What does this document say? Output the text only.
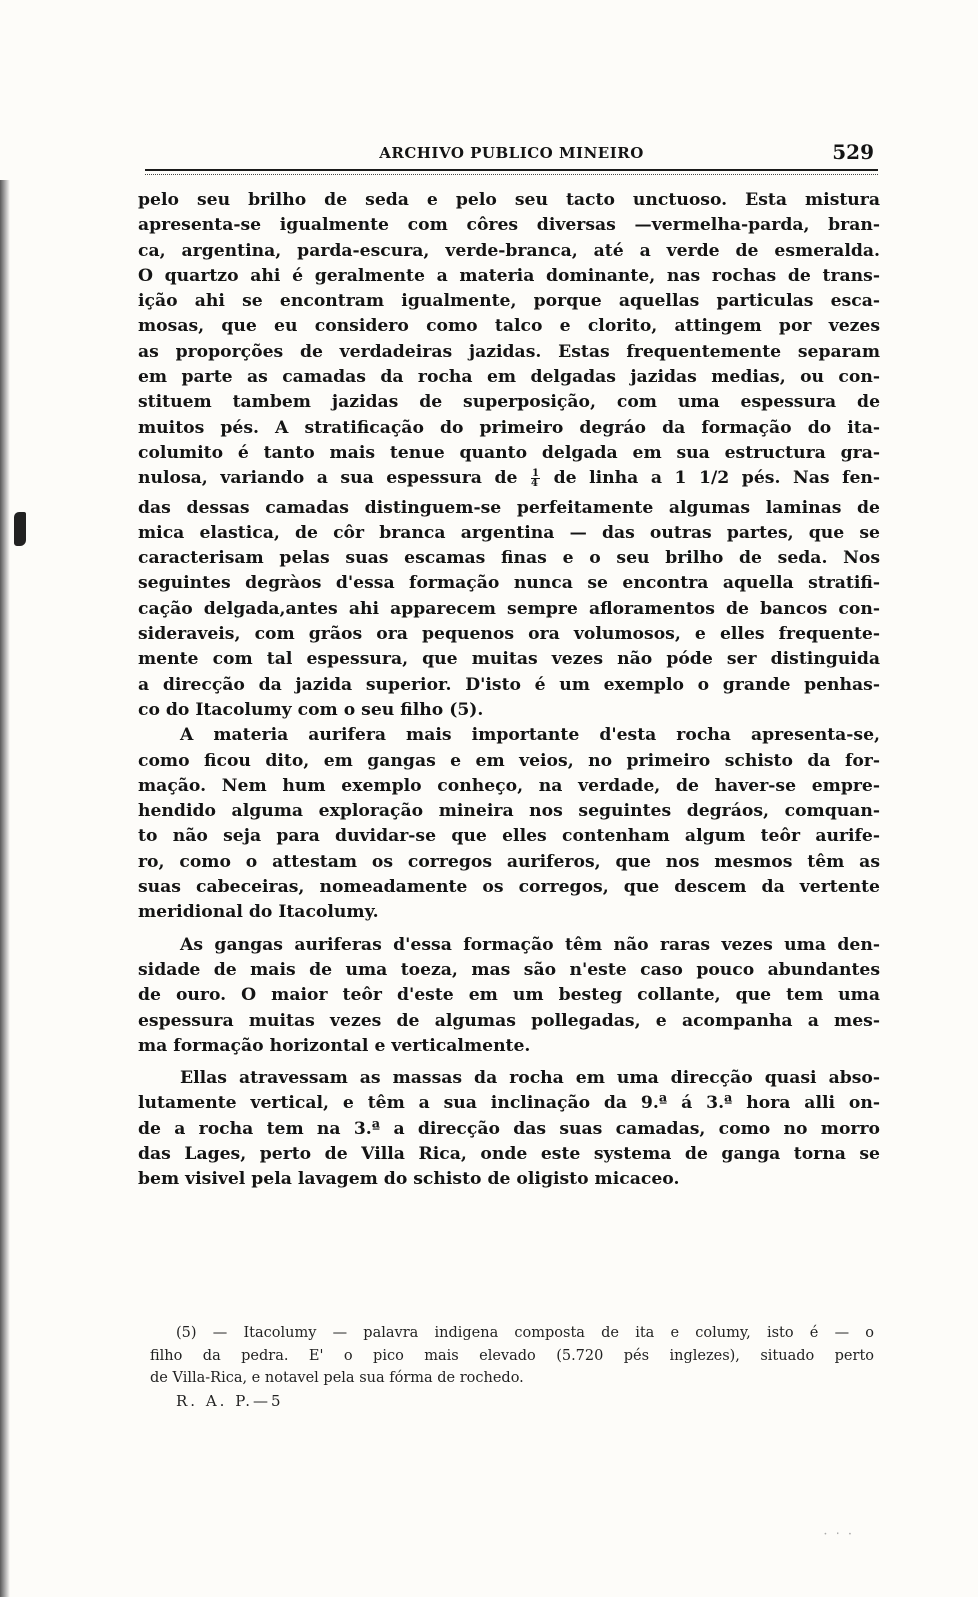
ARCHIVO PUBLICO MINEIRO	529

pelo seu brilho de seda e pelo seu tacto unctuoso. Esta mistura
apresenta-se igualmente com côres diversas —vermelha-parda, bran-
ca, argentina, parda-escura, verde-branca, até a verde de esmeralda.
O quartzo ahi é geralmente a materia dominante, nas rochas de trans-
ição ahi se encontram igualmente, porque aquellas particulas esca-
mosas, que eu considero como talco e clorito, attingem por vezes
as proporções de verdadeiras jazidas. Estas frequentemente separam
em parte as camadas da rocha em delgadas jazidas medias, ou con-
stituem tambem jazidas de superposição, com uma espessura de
muitos pés. A stratificação do primeiro degráo da formação do ita-
columito é tanto mais tenue quanto delgada em sua estructura gra-
nulosa, variando a sua espessura de $\frac{1}{4}$ de linha a 1 1/2 pés. Nas fen-
das dessas camadas distinguem-se perfeitamente algumas laminas de
mica elastica, de côr branca argentina — das outras partes, que se
caracterisam pelas suas escamas finas e o seu brilho de seda. Nos
seguintes degràos d'essa formação nunca se encontra aquella stratifi-
cação delgada,antes ahi apparecem sempre afloramentos de bancos con-
sideraveis, com grãos ora pequenos ora volumosos, e elles frequente-
mente com tal espessura, que muitas vezes não póde ser distinguida
a direcção da jazida superior. D'isto é um exemplo o grande penhas-
co do Itacolumy com o seu filho (5).

A materia aurifera mais importante d'esta rocha apresenta-se,
como ficou dito, em gangas e em veios, no primeiro schisto da for-
mação. Nem hum exemplo conheço, na verdade, de haver-se empre-
hendido alguma exploração mineira nos seguintes degráos, comquan-
to não seja para duvidar-se que elles contenham algum teôr aurife-
ro, como o attestam os corregos auriferos, que nos mesmos têm as
suas cabeceiras, nomeadamente os corregos, que descem da vertente
meridional do Itacolumy.

As gangas auriferas d'essa formação têm não raras vezes uma den-
sidade de mais de uma toeza, mas são n'este caso pouco abundantes
de ouro. O maior teôr d'este em um besteg collante, que tem uma
espessura muitas vezes de algumas pollegadas, e acompanha a mes-
ma formação horizontal e verticalmente.

Ellas atravessam as massas da rocha em uma direcção quasi abso-
lutamente vertical, e têm a sua inclinação da 9.ª á 3.ª hora alli on-
de a rocha tem na 3.ª a direcção das suas camadas, como no morro
das Lages, perto de Villa Rica, onde este systema de ganga torna se
bem visivel pela lavagem do schisto de oligisto micaceo.

(5) — Itacolumy — palavra indigena composta de ita e columy, isto é — o
filho da pedra. E' o pico mais elevado (5.720 pés inglezes), situado perto
de Villa-Rica, e notavel pela sua fórma de rochedo.
R. A. P.—5
· ‧ ·
